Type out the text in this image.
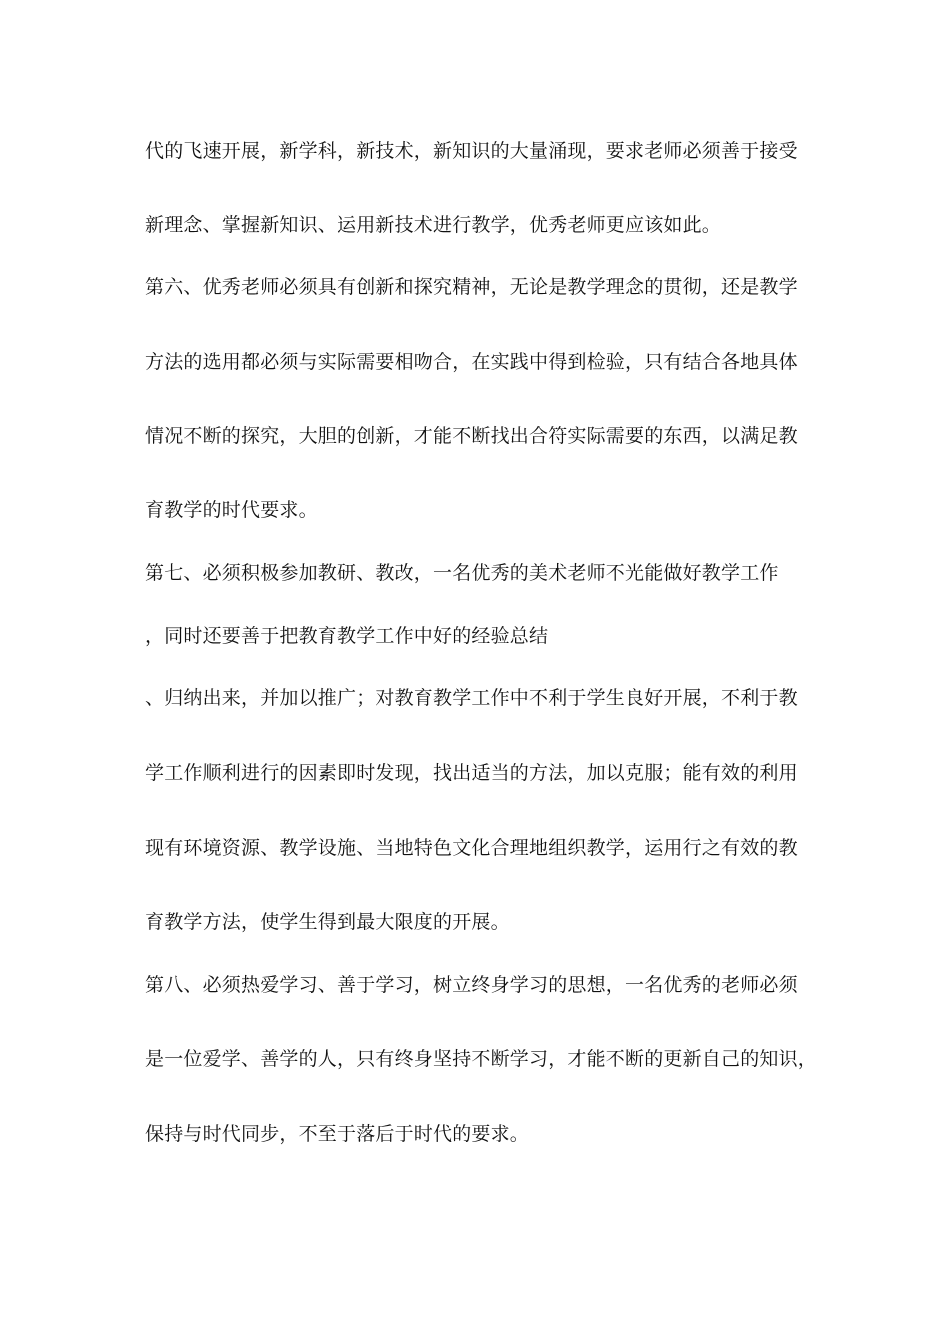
代的飞速开展，新学科，新技术，新知识的大量涌现，要求老师必须善于接受
新理念、掌握新知识、运用新技术进行教学，优秀老师更应该如此。
第六、优秀老师必须具有创新和探究精神，无论是教学理念的贯彻，还是教学
方法的选用都必须与实际需要相吻合，在实践中得到检验，只有结合各地具体
情况不断的探究，大胆的创新，才能不断找出合符实际需要的东西，以满足教
育教学的时代要求。
第七、必须积极参加教研、教改，一名优秀的美术老师不光能做好教学工作
，同时还要善于把教育教学工作中好的经验总结
、归纳出来，并加以推广；对教育教学工作中不利于学生良好开展，不利于教
学工作顺利进行的因素即时发现，找出适当的方法，加以克服；能有效的利用
现有环境资源、教学设施、当地特色文化合理地组织教学，运用行之有效的教
育教学方法，使学生得到最大限度的开展。
第八、必须热爱学习、善于学习，树立终身学习的思想，一名优秀的老师必须
是一位爱学、善学的人，只有终身坚持不断学习，才能不断的更新自己的知识，
保持与时代同步，不至于落后于时代的要求。
